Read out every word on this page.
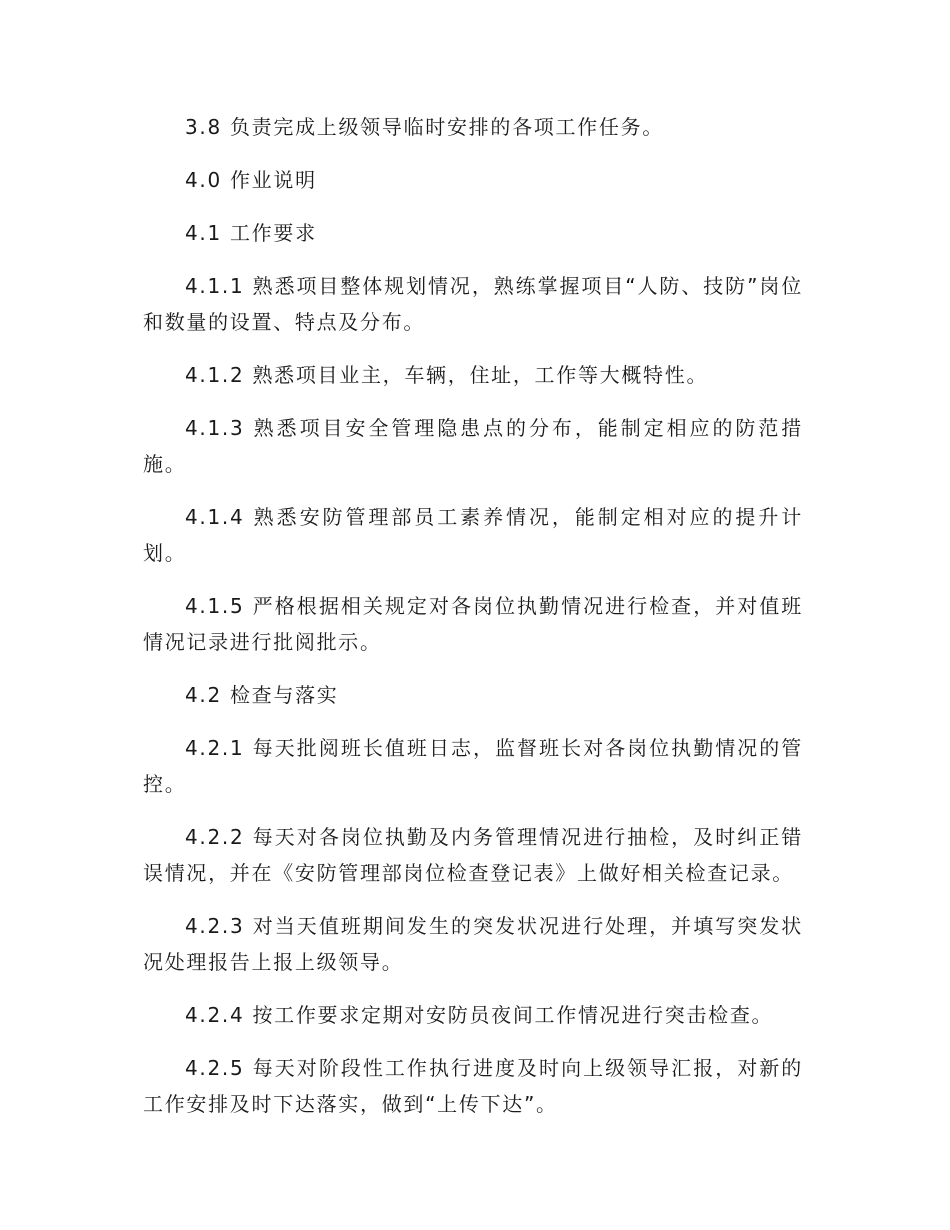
3.8 负责完成上级领导临时安排的各项工作任务。

4.0 作业说明

4.1 工作要求

4.1.1 熟悉项目整体规划情况，熟练掌握项目“人防、技防”岗位和数量的设置、特点及分布。

4.1.2 熟悉项目业主，车辆，住址，工作等大概特性。

4.1.3 熟悉项目安全管理隐患点的分布，能制定相应的防范措施。

4.1.4 熟悉安防管理部员工素养情况，能制定相对应的提升计划。

4.1.5 严格根据相关规定对各岗位执勤情况进行检查，并对值班情况记录进行批阅批示。

4.2 检查与落实

4.2.1 每天批阅班长值班日志，监督班长对各岗位执勤情况的管控。

4.2.2 每天对各岗位执勤及内务管理情况进行抽检，及时纠正错误情况，并在《安防管理部岗位检查登记表》上做好相关检查记录。

4.2.3 对当天值班期间发生的突发状况进行处理，并填写突发状况处理报告上报上级领导。

4.2.4 按工作要求定期对安防员夜间工作情况进行突击检查。

4.2.5 每天对阶段性工作执行进度及时向上级领导汇报，对新的工作安排及时下达落实，做到“上传下达”。
